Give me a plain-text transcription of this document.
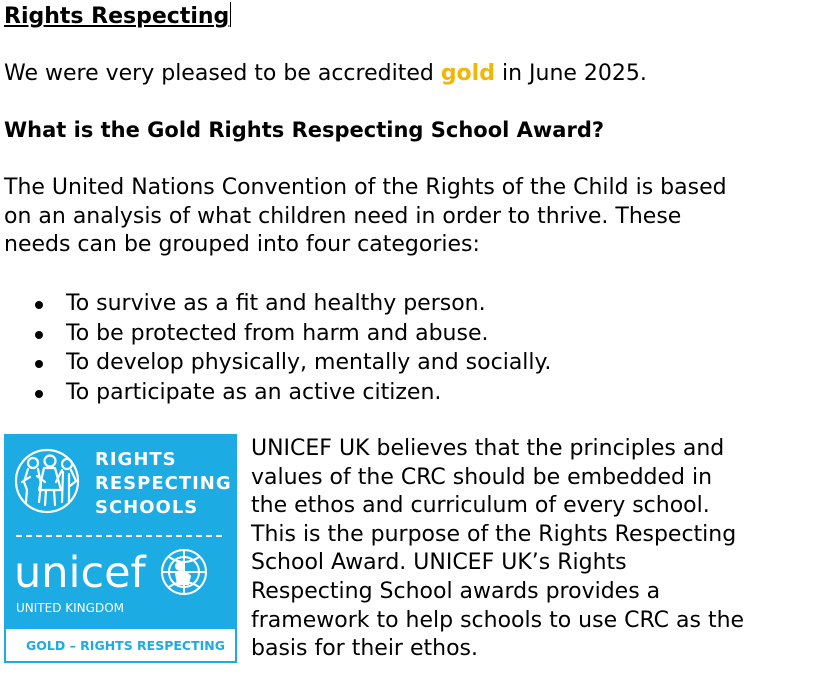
Rights Respecting
We were very pleased to be accredited gold in June 2025.
What is the Gold Rights Respecting School Award?
The United Nations Convention of the Rights of the Child is based
on an analysis of what children need in order to thrive. These
needs can be grouped into four categories:
To survive as a fit and healthy person.
To be protected from harm and abuse.
To develop physically, mentally and socially.
To participate as an active citizen.
RIGHTS
RESPECTING
SCHOOLS
unicef
UNITED KINGDOM
GOLD – RIGHTS RESPECTING
UNICEF UK believes that the principles and
values of the CRC should be embedded in
the ethos and curriculum of every school.
This is the purpose of the Rights Respecting
School Award. UNICEF UK’s Rights
Respecting School awards provides a
framework to help schools to use CRC as the
basis for their ethos.
